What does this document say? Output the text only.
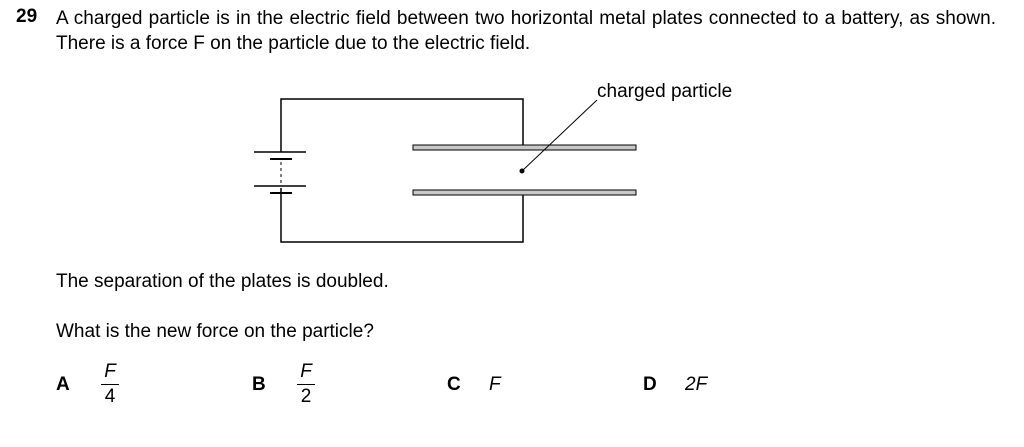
29 A charged particle is in the electric field between two horizontal metal plates connected to a battery, as shown. There is a force F on the particle due to the electric field.
charged particle
The separation of the plates is doubled.
What is the new force on the particle?
A
F
4
B
F
2
C F	D 2F
